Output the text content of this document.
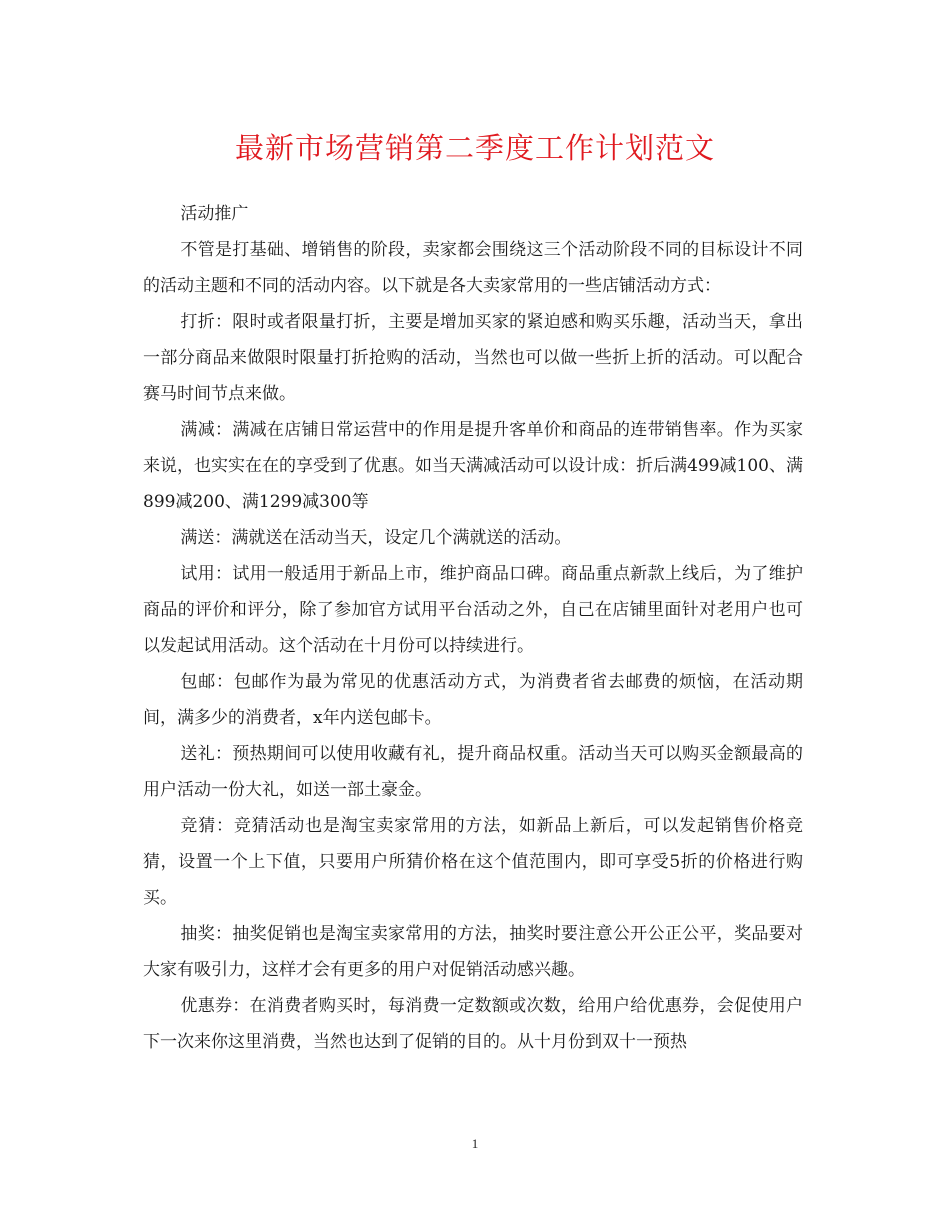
最新市场营销第二季度工作计划范文

活动推广

不管是打基础、增销售的阶段，卖家都会围绕这三个活动阶段不同的目标设计不同的活动主题和不同的活动内容。以下就是各大卖家常用的一些店铺活动方式：

打折：限时或者限量打折，主要是增加买家的紧迫感和购买乐趣，活动当天，拿出一部分商品来做限时限量打折抢购的活动，当然也可以做一些折上折的活动。可以配合赛马时间节点来做。

满减：满减在店铺日常运营中的作用是提升客单价和商品的连带销售率。作为买家来说，也实实在在的享受到了优惠。如当天满减活动可以设计成：折后满499减100、满899减200、满1299减300等

满送：满就送在活动当天，设定几个满就送的活动。

试用：试用一般适用于新品上市，维护商品口碑。商品重点新款上线后，为了维护商品的评价和评分，除了参加官方试用平台活动之外，自己在店铺里面针对老用户也可以发起试用活动。这个活动在十月份可以持续进行。

包邮：包邮作为最为常见的优惠活动方式，为消费者省去邮费的烦恼，在活动期间，满多少的消费者，x年内送包邮卡。

送礼：预热期间可以使用收藏有礼，提升商品权重。活动当天可以购买金额最高的用户活动一份大礼，如送一部土豪金。

竞猜：竞猜活动也是淘宝卖家常用的方法，如新品上新后，可以发起销售价格竞猜，设置一个上下值，只要用户所猜价格在这个值范围内，即可享受5折的价格进行购买。

抽奖：抽奖促销也是淘宝卖家常用的方法，抽奖时要注意公开公正公平，奖品要对大家有吸引力，这样才会有更多的用户对促销活动感兴趣。

优惠券：在消费者购买时，每消费一定数额或次数，给用户给优惠券，会促使用户下一次来你这里消费，当然也达到了促销的目的。从十月份到双十一预热

1
